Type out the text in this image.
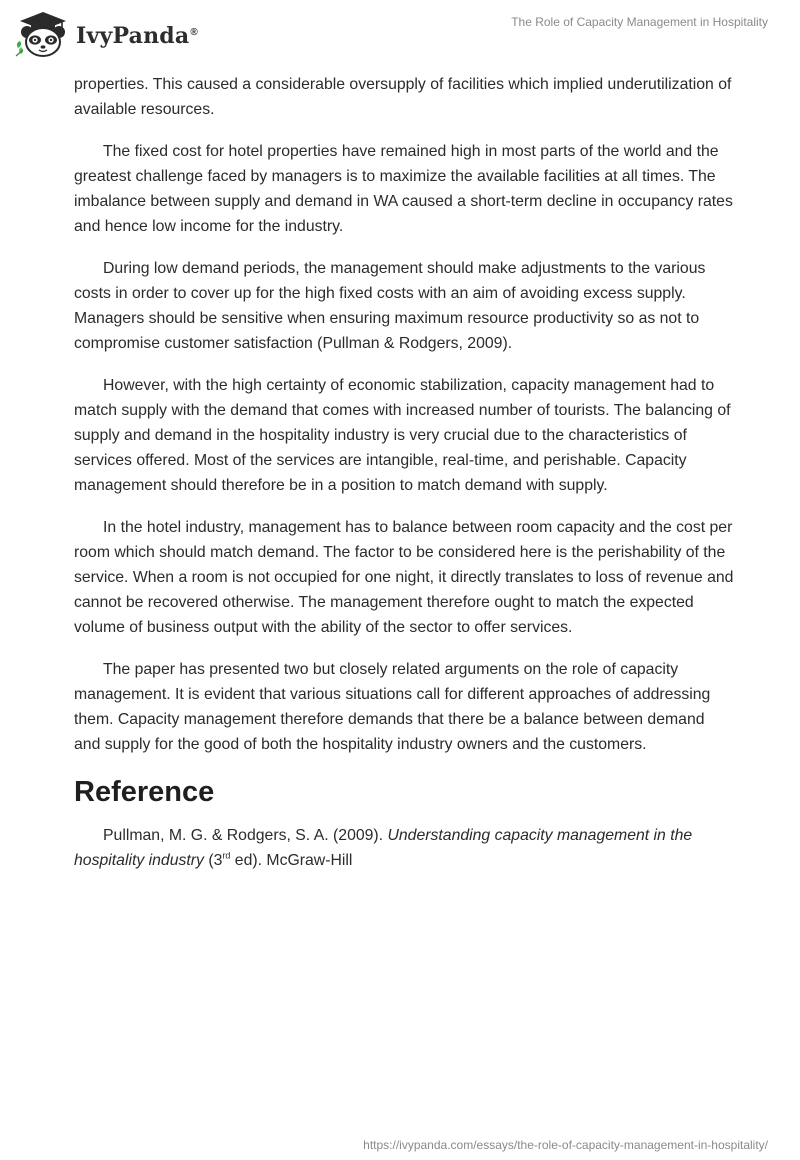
IvyPanda®
The Role of Capacity Management in Hospitality

properties. This caused a considerable oversupply of facilities which implied underutilization of available resources.

The fixed cost for hotel properties have remained high in most parts of the world and the greatest challenge faced by managers is to maximize the available facilities at all times. The imbalance between supply and demand in WA caused a short-term decline in occupancy rates and hence low income for the industry.

During low demand periods, the management should make adjustments to the various costs in order to cover up for the high fixed costs with an aim of avoiding excess supply. Managers should be sensitive when ensuring maximum resource productivity so as not to compromise customer satisfaction (Pullman & Rodgers, 2009).

However, with the high certainty of economic stabilization, capacity management had to match supply with the demand that comes with increased number of tourists. The balancing of supply and demand in the hospitality industry is very crucial due to the characteristics of services offered. Most of the services are intangible, real-time, and perishable. Capacity management should therefore be in a position to match demand with supply.

In the hotel industry, management has to balance between room capacity and the cost per room which should match demand. The factor to be considered here is the perishability of the service. When a room is not occupied for one night, it directly translates to loss of revenue and cannot be recovered otherwise. The management therefore ought to match the expected volume of business output with the ability of the sector to offer services.

The paper has presented two but closely related arguments on the role of capacity management. It is evident that various situations call for different approaches of addressing them. Capacity management therefore demands that there be a balance between demand and supply for the good of both the hospitality industry owners and the customers.

Reference

Pullman, M. G. & Rodgers, S. A. (2009). Understanding capacity management in the hospitality industry (3rd ed). McGraw-Hill

https://ivypanda.com/essays/the-role-of-capacity-management-in-hospitality/
